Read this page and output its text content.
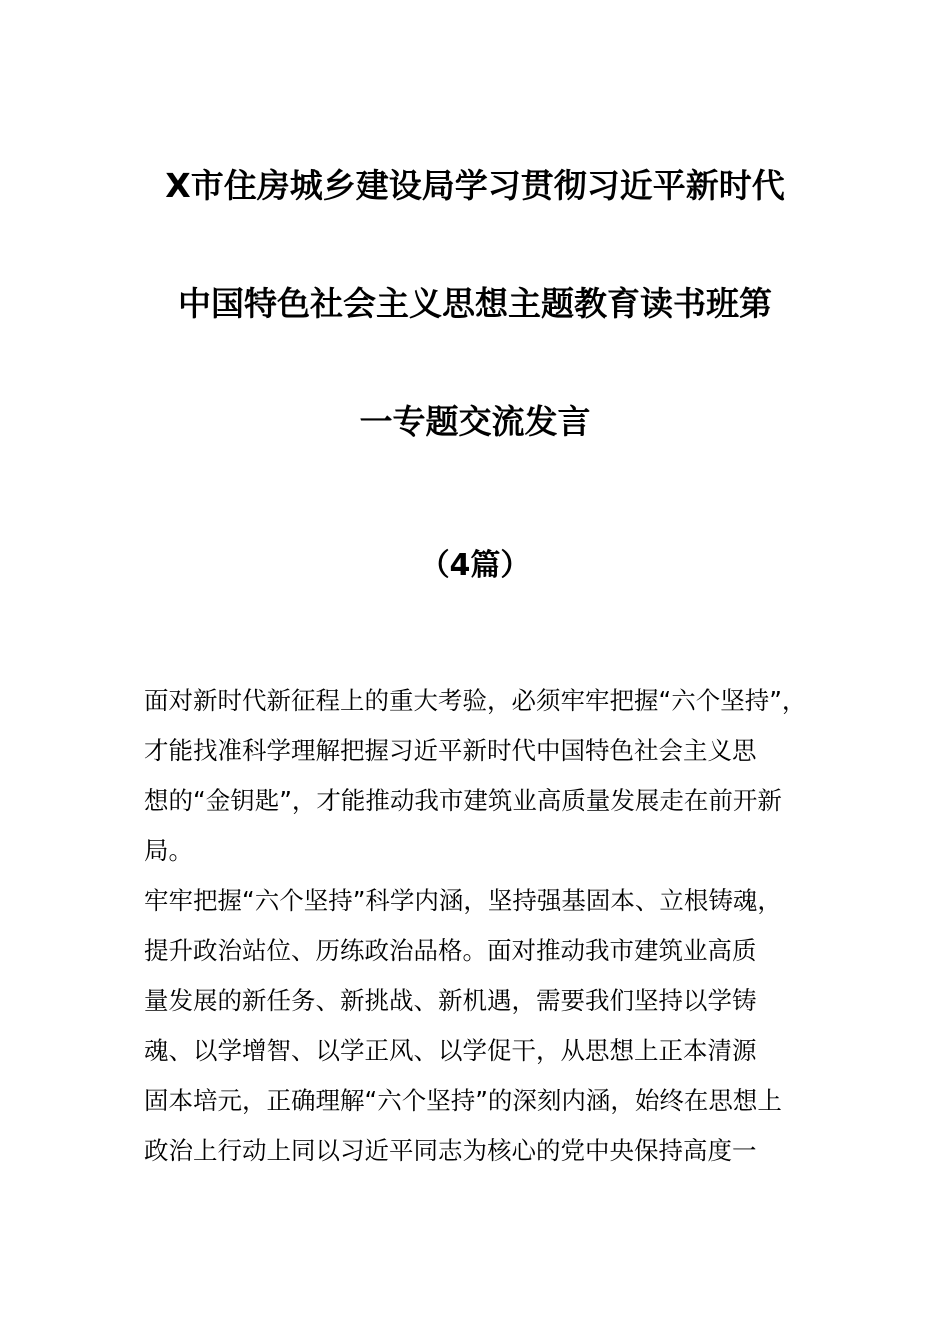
X市住房城乡建设局学习贯彻习近平新时代
中国特色社会主义思想主题教育读书班第
一专题交流发言
（4篇）
面对新时代新征程上的重大考验，必须牢牢把握“六个坚持”，
才能找准科学理解把握习近平新时代中国特色社会主义思
想的“金钥匙”，才能推动我市建筑业高质量发展走在前开新
局。
牢牢把握“六个坚持”科学内涵，坚持强基固本、立根铸魂，
提升政治站位、历练政治品格。面对推动我市建筑业高质
量发展的新任务、新挑战、新机遇，需要我们坚持以学铸
魂、以学增智、以学正风、以学促干，从思想上正本清源
固本培元，正确理解“六个坚持”的深刻内涵，始终在思想上
政治上行动上同以习近平同志为核心的党中央保持高度一
